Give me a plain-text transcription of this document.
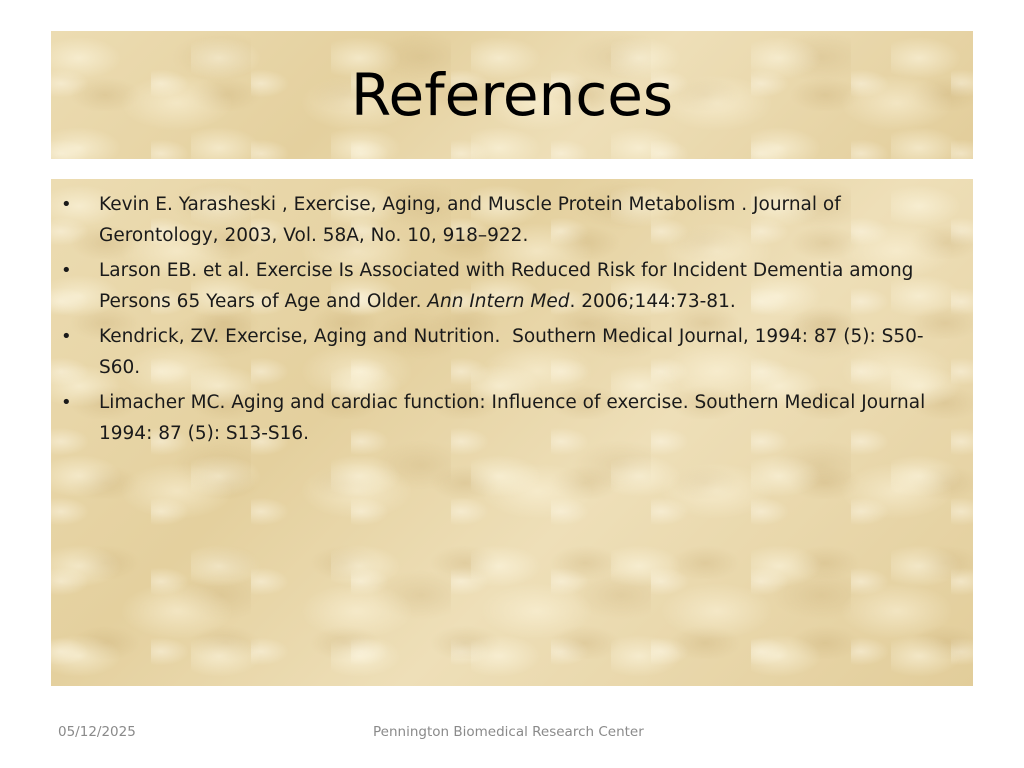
References
• Kevin E. Yarasheski , Exercise, Aging, and Muscle Protein Metabolism . Journal of Gerontology, 2003, Vol. 58A, No. 10, 918–922.
• Larson EB. et al. Exercise Is Associated with Reduced Risk for Incident Dementia among Persons 65 Years of Age and Older. Ann Intern Med. 2006;144:73-81.
• Kendrick, ZV. Exercise, Aging and Nutrition.  Southern Medical Journal, 1994: 87 (5): S50-S60.
• Limacher MC. Aging and cardiac function: Influence of exercise. Southern Medical Journal 1994: 87 (5): S13-S16.
05/12/2025	Pennington Biomedical Research Center
